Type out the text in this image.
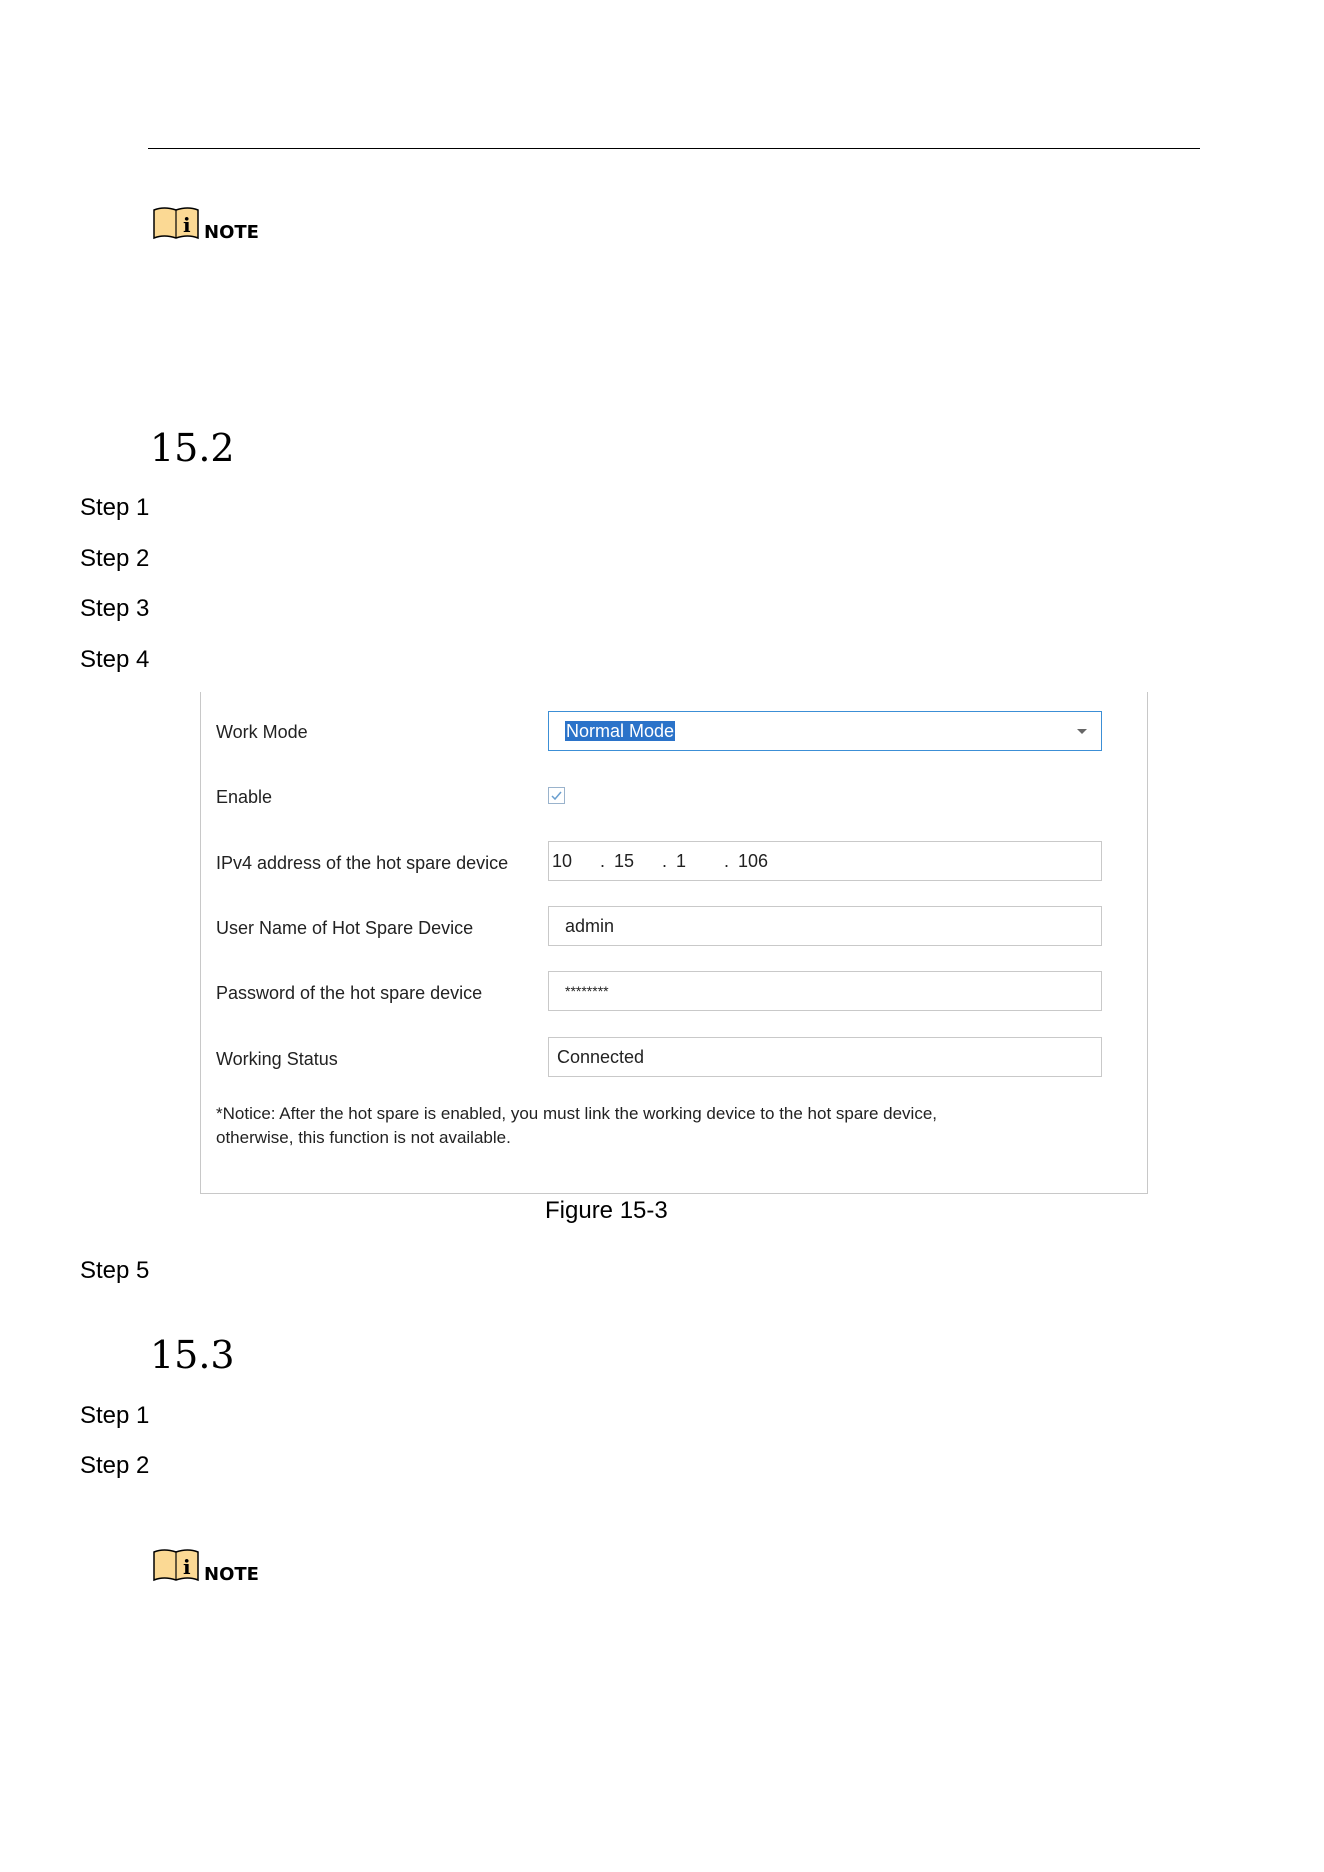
i NOTE
15.2
Step 1
Step 2
Step 3
Step 4
Work Mode	Normal Mode
Enable
IPv4 address of the hot spare device 10 . 15 . 1 . 106
User Name of Hot Spare Device	admin
Password of the hot spare device	********
Working Status	Connected
*Notice: After the hot spare is enabled, you must link the working device to the hot spare device,
otherwise, this function is not available.
Figure 15-3
Step 5
15.3
Step 1
Step 2
i NOTE
